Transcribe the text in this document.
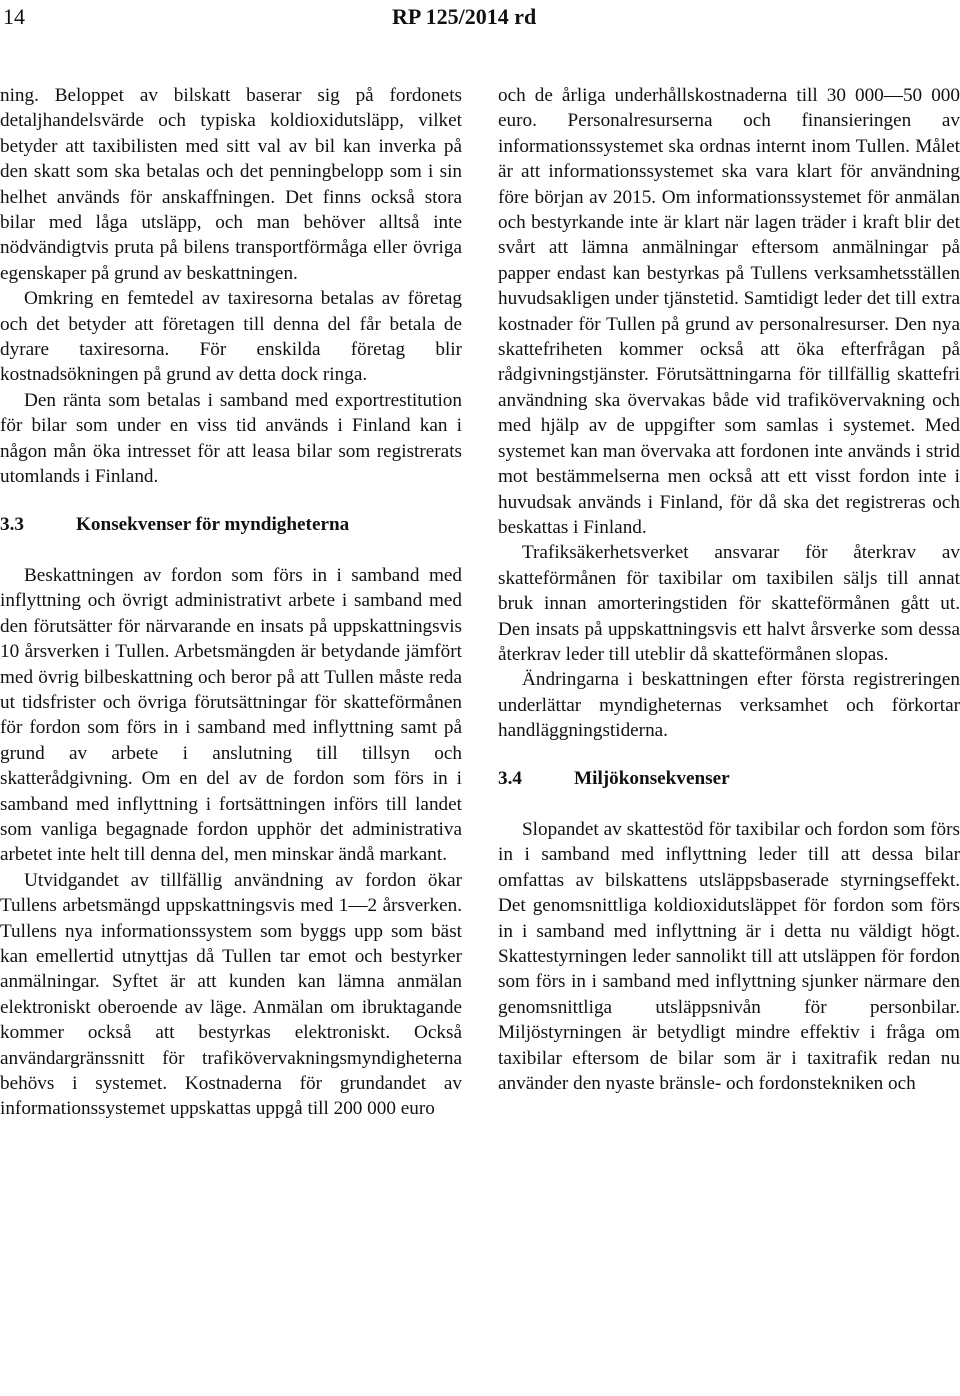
14	RP 125/2014 rd

ning. Beloppet av bilskatt baserar sig på fordonets detaljhandelsvärde och typiska koldioxidutsläpp, vilket betyder att taxibilisten med sitt val av bil kan inverka på den skatt som ska betalas och det penningbelopp som i sin helhet används för anskaffningen. Det finns också stora bilar med låga utsläpp, och man behöver alltså inte nödvändigtvis pruta på bilens transportförmåga eller övriga egenskaper på grund av beskattningen.

Omkring en femtedel av taxiresorna betalas av företag och det betyder att företagen till denna del får betala de dyrare taxiresorna. För enskilda företag blir kostnadsökningen på grund av detta dock ringa.

Den ränta som betalas i samband med exportrestitution för bilar som under en viss tid används i Finland kan i någon mån öka intresset för att leasa bilar som registrerats utomlands i Finland.

3.3	Konsekvenser för myndigheterna

Beskattningen av fordon som förs in i samband med inflyttning och övrigt administrativt arbete i samband med den förutsätter för närvarande en insats på uppskattningsvis 10 årsverken i Tullen. Arbetsmängden är betydande jämfört med övrig bilbeskattning och beror på att Tullen måste reda ut tidsfrister och övriga förutsättningar för skatteförmånen för fordon som förs in i samband med inflyttning samt på grund av arbete i anslutning till tillsyn och skatterådgivning. Om en del av de fordon som förs in i samband med inflyttning i fortsättningen införs till landet som vanliga begagnade fordon upphör det administrativa arbetet inte helt till denna del, men minskar ändå markant.

Utvidgandet av tillfällig användning av fordon ökar Tullens arbetsmängd uppskattningsvis med 1—2 årsverken. Tullens nya informationssystem som byggs upp som bäst kan emellertid utnyttjas då Tullen tar emot och bestyrker anmälningar. Syftet är att kunden kan lämna anmälan elektroniskt oberoende av läge. Anmälan om ibruktagande kommer också att bestyrkas elektroniskt. Också användargränssnitt för trafikövervakningsmyndigheterna behövs i systemet. Kostnaderna för grundandet av informationssystemet uppskattas uppgå till 200 000 euro

och de årliga underhållskostnaderna till 30 000—50 000 euro. Personalresurserna och finansieringen av informationssystemet ska ordnas internt inom Tullen. Målet är att informationssystemet ska vara klart för användning före början av 2015. Om informationssystemet för anmälan och bestyrkande inte är klart när lagen träder i kraft blir det svårt att lämna anmälningar eftersom anmälningar på papper endast kan bestyrkas på Tullens verksamhetsställen huvudsakligen under tjänstetid. Samtidigt leder det till extra kostnader för Tullen på grund av personalresurser. Den nya skattefriheten kommer också att öka efterfrågan på rådgivningstjänster. Förutsättningarna för tillfällig skattefri användning ska övervakas både vid trafikövervakning och med hjälp av de uppgifter som samlas i systemet. Med systemet kan man övervaka att fordonen inte används i strid mot bestämmelserna men också att ett visst fordon inte i huvudsak används i Finland, för då ska det registreras och beskattas i Finland.

Trafiksäkerhetsverket ansvarar för återkrav av skatteförmånen för taxibilar om taxibilen säljs till annat bruk innan amorteringstiden för skatteförmånen gått ut. Den insats på uppskattningsvis ett halvt årsverke som dessa återkrav leder till uteblir då skatteförmånen slopas.

Ändringarna i beskattningen efter första registreringen underlättar myndigheternas verksamhet och förkortar handläggningstiderna.

3.4	Miljökonsekvenser

Slopandet av skattestöd för taxibilar och fordon som förs in i samband med inflyttning leder till att dessa bilar omfattas av bilskattens utsläppsbaserade styrningseffekt. Det genomsnittliga koldioxidutsläppet för fordon som förs in i samband med inflyttning är i detta nu väldigt högt. Skattestyrningen leder sannolikt till att utsläppen för fordon som förs in i samband med inflyttning sjunker närmare den genomsnittliga utsläppsnivån för personbilar. Miljöstyrningen är betydligt mindre effektiv i fråga om taxibilar eftersom de bilar som är i taxitrafik redan nu använder den nyaste bränsle- och fordonstekniken och
